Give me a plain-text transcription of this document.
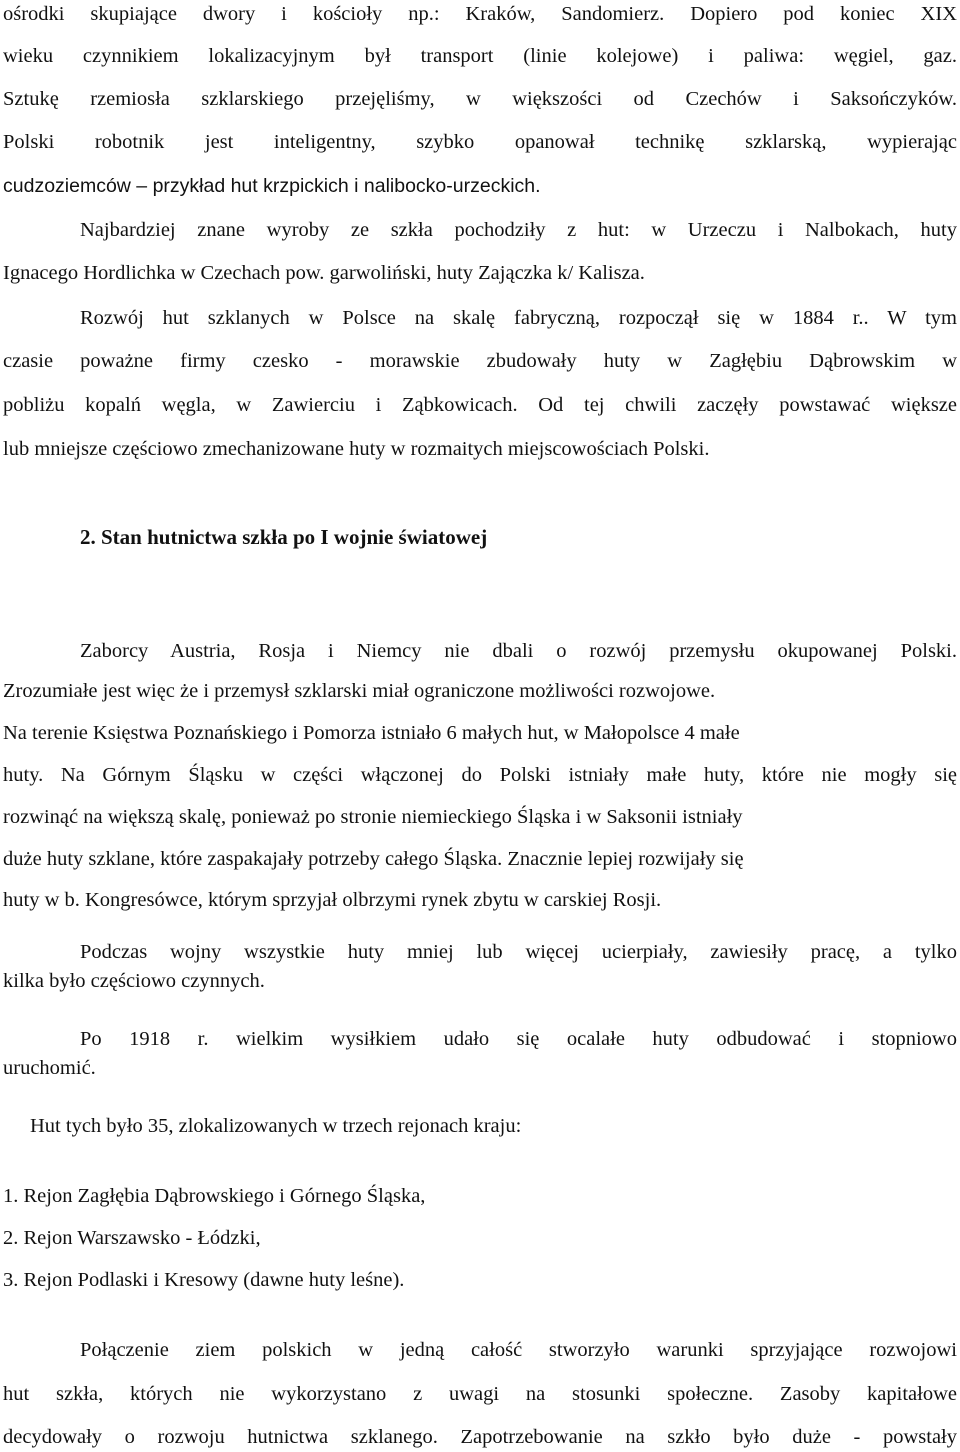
ośrodki skupiające dwory i kościoły np.: Kraków, Sandomierz. Dopiero pod koniec XIX
wieku czynnikiem lokalizacyjnym był transport (linie kolejowe) i paliwa: węgiel, gaz.
Sztukę rzemiosła szklarskiego przejęliśmy, w większości od Czechów i Saksończyków.
Polski robotnik jest inteligentny, szybko opanował technikę szklarską, wypierając
cudzoziemców – przykład hut krzpickich i nalibocko-urzeckich.
Najbardziej znane wyroby ze szkła pochodziły z hut: w Urzeczu i Nalbokach, huty
Ignacego Hordlichka w Czechach pow. garwoliński, huty Zajączka k/ Kalisza.
Rozwój hut szklanych w Polsce na skalę fabryczną, rozpoczął się w 1884 r.. W tym
czasie poważne firmy czesko - morawskie zbudowały huty w Zagłębiu Dąbrowskim w
pobliżu kopalń węgla, w Zawierciu i Ząbkowicach. Od tej chwili zaczęły powstawać większe
lub mniejsze częściowo zmechanizowane huty w rozmaitych miejscowościach Polski.
2. Stan hutnictwa szkła po I wojnie światowej
Zaborcy Austria, Rosja i Niemcy nie dbali o rozwój przemysłu okupowanej Polski.
Zrozumiałe jest więc że i przemysł szklarski miał ograniczone możliwości rozwojowe.
Na terenie Księstwa Poznańskiego i Pomorza istniało 6 małych hut, w Małopolsce 4 małe
huty. Na Górnym Śląsku w części włączonej do Polski istniały małe huty, które nie mogły się
rozwinąć na większą skalę, ponieważ po stronie niemieckiego Śląska i w Saksonii istniały
duże huty szklane, które zaspakajały potrzeby całego Śląska. Znacznie lepiej rozwijały się
huty w b. Kongresówce, którym sprzyjał olbrzymi rynek zbytu w carskiej Rosji.
Podczas wojny wszystkie huty mniej lub więcej ucierpiały, zawiesiły pracę, a tylko
kilka było częściowo czynnych.
Po 1918 r. wielkim wysiłkiem udało się ocalałe huty odbudować i stopniowo
uruchomić.
Hut tych było 35, zlokalizowanych w trzech rejonach kraju:
1. Rejon Zagłębia Dąbrowskiego i Górnego Śląska,
2. Rejon Warszawsko - Łódzki,
3. Rejon Podlaski i Kresowy (dawne huty leśne).
Połączenie ziem polskich w jedną całość stworzyło warunki sprzyjające rozwojowi
hut szkła, których nie wykorzystano z uwagi na stosunki społeczne. Zasoby kapitałowe
decydowały o rozwoju hutnictwa szklanego. Zapotrzebowanie na szkło było duże - powstały
